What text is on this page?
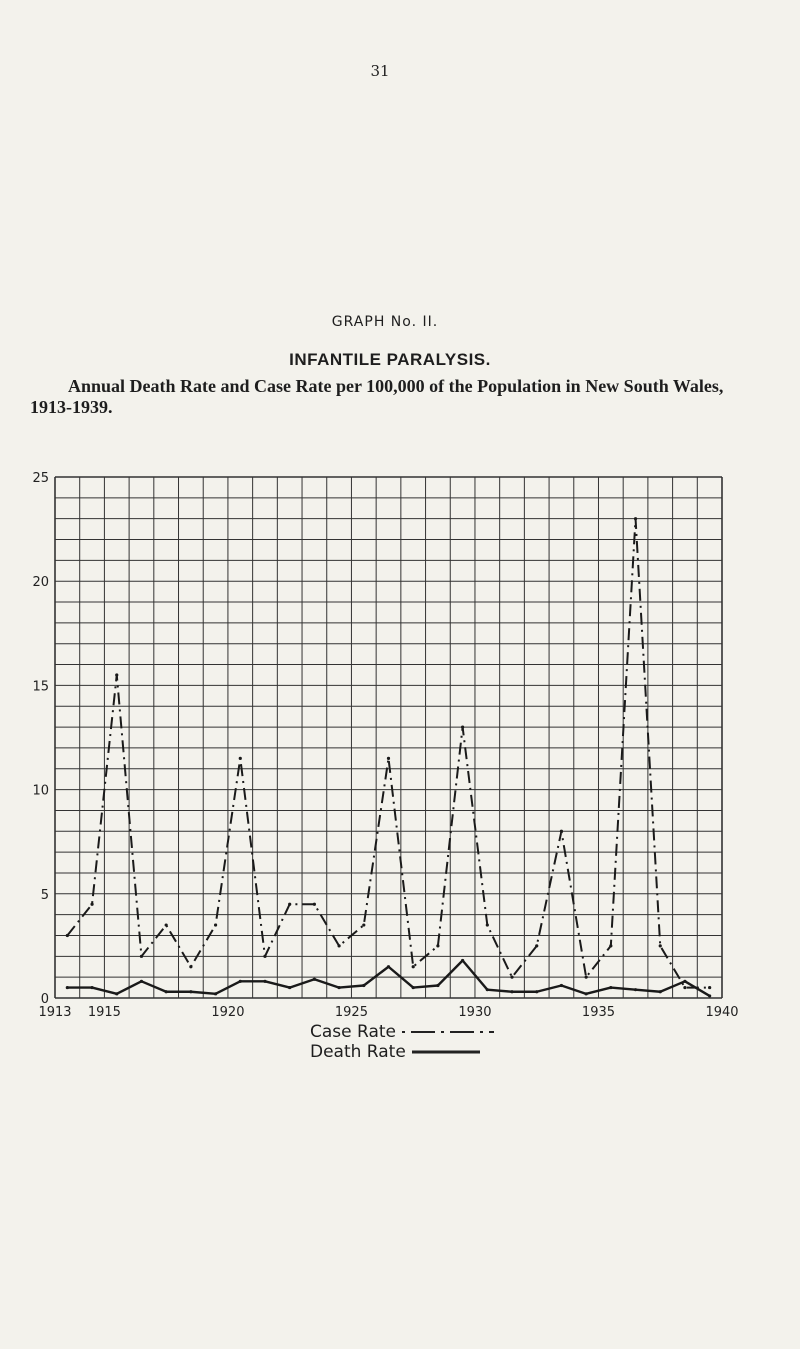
31
GRAPH No. II.
INFANTILE PARALYSIS.
Annual Death Rate and Case Rate per 100,000 of the Population in New South Wales,
1913-1939.
0
5
10
15
20
25
1913 1915	1920	1925	1930	1935	1940
Case Rate
Death Rate
